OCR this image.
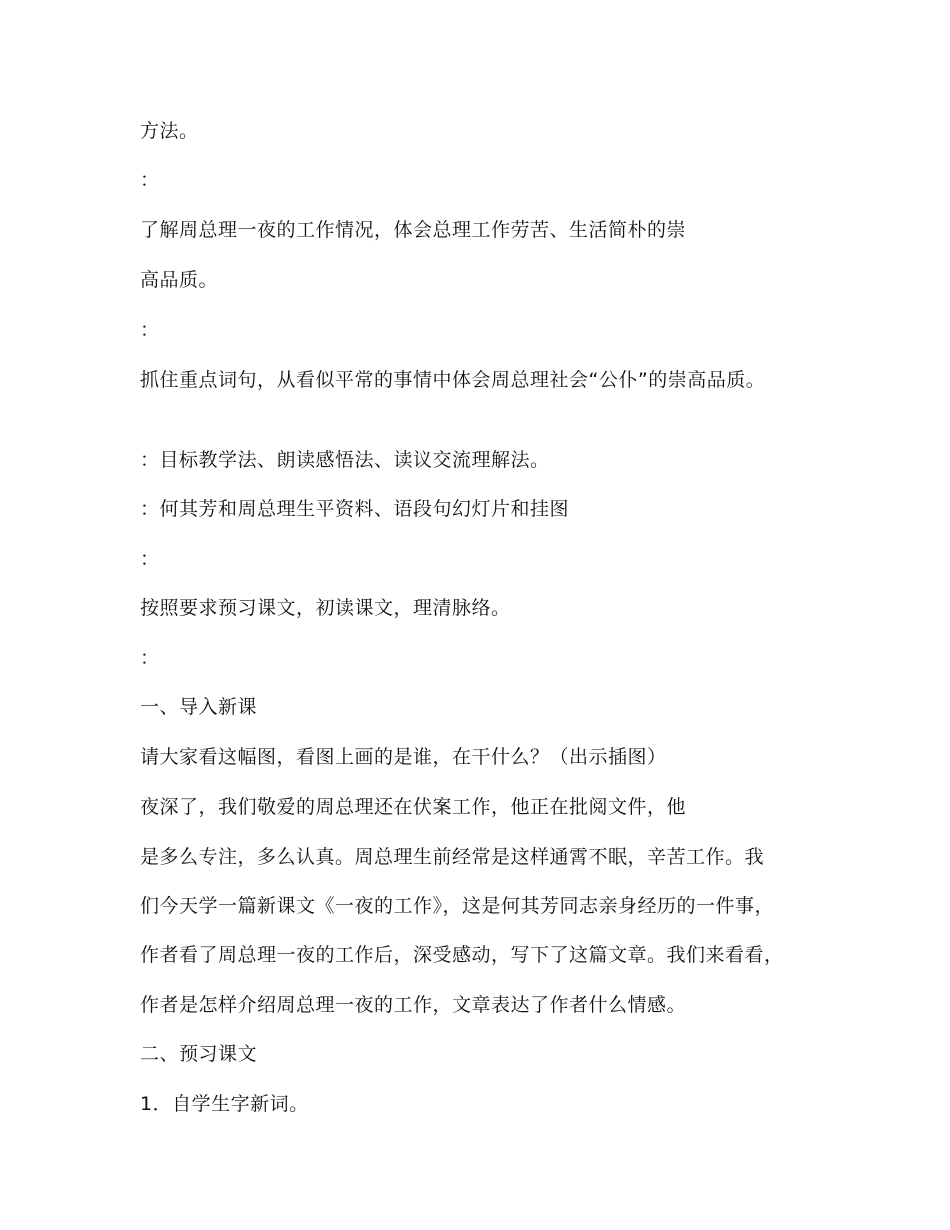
方法。
：
了解周总理一夜的工作情况，体会总理工作劳苦、生活简朴的崇
高品质。
：
抓住重点词句，从看似平常的事情中体会周总理社会“公仆”的崇高品质。
：目标教学法、朗读感悟法、读议交流理解法。
：何其芳和周总理生平资料、语段句幻灯片和挂图
：
按照要求预习课文，初读课文，理清脉络。
：
一、导入新课
请大家看这幅图，看图上画的是谁，在干什么？（出示插图）
夜深了，我们敬爱的周总理还在伏案工作，他正在批阅文件，他
是多么专注，多么认真。周总理生前经常是这样通霄不眠，辛苦工作。我
们今天学一篇新课文《一夜的工作》，这是何其芳同志亲身经历的一件事，
作者看了周总理一夜的工作后，深受感动，写下了这篇文章。我们来看看，
作者是怎样介绍周总理一夜的工作，文章表达了作者什么情感。
二、预习课文
1．自学生字新词。
